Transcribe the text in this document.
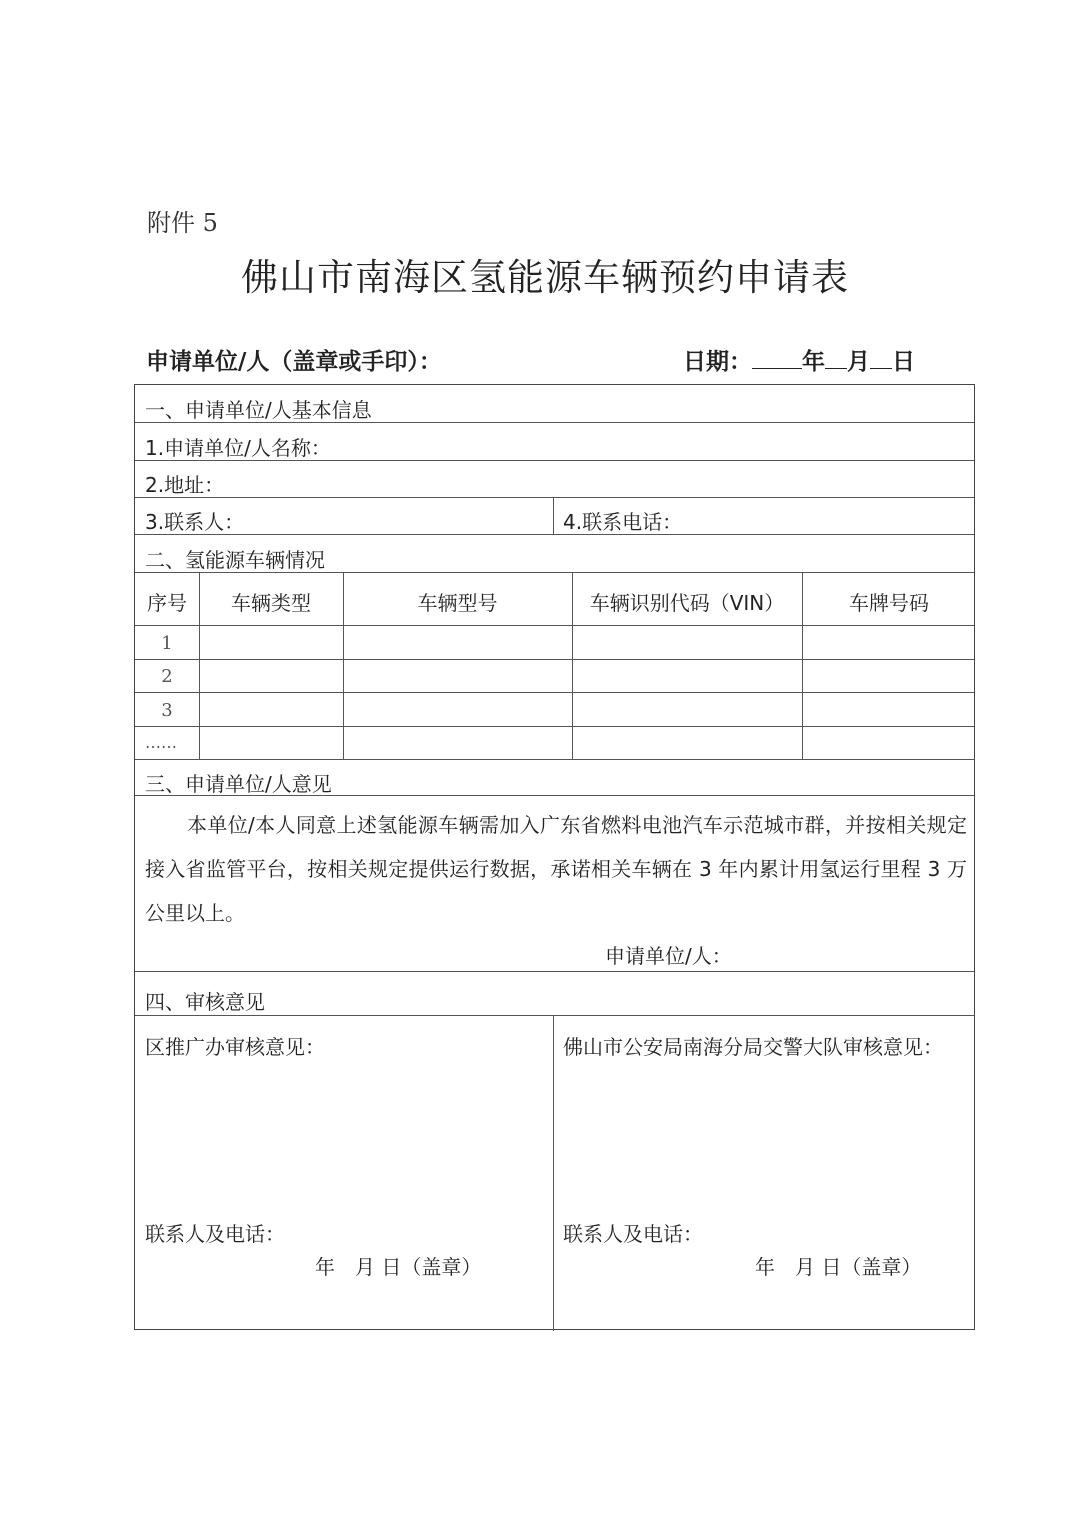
附件 5
佛山市南海区氢能源车辆预约申请表
申请单位/人（盖章或手印）：	日期： 年 月 日
一、申请单位/人基本信息
1.申请单位/人名称：
2.地址：
3.联系人：	4.联系电话：
二、氢能源车辆情况
序号	车辆类型	车辆型号	车辆识别代码（VIN）	车牌号码
1
2
3
……
三、申请单位/人意见
本单位/本人同意上述氢能源车辆需加入广东省燃料电池汽车示范城市群，并按相关规定接入省监管平台，按相关规定提供运行数据，承诺相关车辆在 3 年内累计用氢运行里程 3 万公里以上。
申请单位/人：
四、审核意见
区推广办审核意见：
联系人及电话：
年　月 日（盖章）
佛山市公安局南海分局交警大队审核意见：
联系人及电话：
年　月 日（盖章）
